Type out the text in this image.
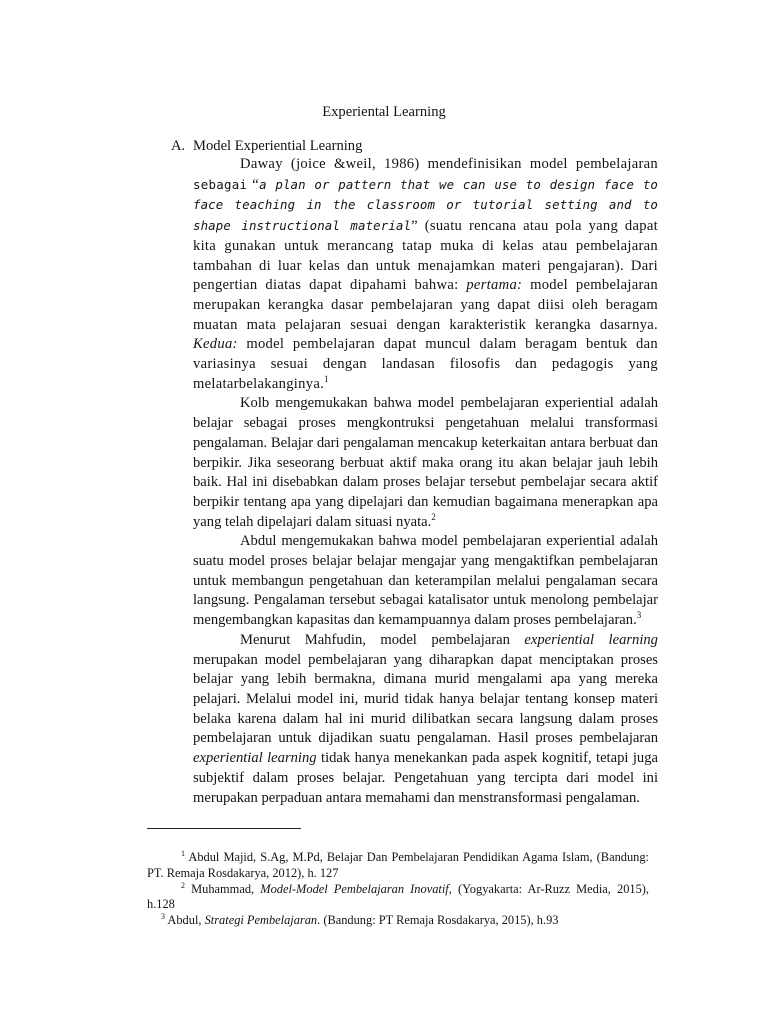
Experiental Learning
A. Model Experiential Learning

Daway (joice &weil, 1986) mendefinisikan model pembelajaran sebagai “a plan or pattern that we can use to design face to face teaching in the classroom or tutorial setting and to shape instructional material” (suatu rencana atau pola yang dapat kita gunakan untuk merancang tatap muka di kelas atau pembelajaran tambahan di luar kelas dan untuk menajamkan materi pengajaran). Dari pengertian diatas dapat dipahami bahwa: pertama: model pembelajaran merupakan kerangka dasar pembelajaran yang dapat diisi oleh beragam muatan mata pelajaran sesuai dengan karakteristik kerangka dasarnya. Kedua: model pembelajaran dapat muncul dalam beragam bentuk dan variasinya sesuai dengan landasan filosofis dan pedagogis yang melatarbelakanginya.$^1$

Kolb mengemukakan bahwa model pembelajaran experiential adalah belajar sebagai proses mengkontruksi pengetahuan melalui transformasi pengalaman. Belajar dari pengalaman mencakup keterkaitan antara berbuat dan berpikir. Jika seseorang berbuat aktif maka orang itu akan belajar jauh lebih baik. Hal ini disebabkan dalam proses belajar tersebut pembelajar secara aktif berpikir tentang apa yang dipelajari dan kemudian bagaimana menerapkan apa yang telah dipelajari dalam situasi nyata.$^2$

Abdul mengemukakan bahwa model pembelajaran experiential adalah suatu model proses belajar belajar mengajar yang mengaktifkan pembelajaran untuk membangun pengetahuan dan keterampilan melalui pengalaman secara langsung. Pengalaman tersebut sebagai katalisator untuk menolong pembelajar mengembangkan kapasitas dan kemampuannya dalam proses pembelajaran.$^3$

Menurut Mahfudin, model pembelajaran experiential learning merupakan model pembelajaran yang diharapkan dapat menciptakan proses belajar yang lebih bermakna, dimana murid mengalami apa yang mereka pelajari. Melalui model ini, murid tidak hanya belajar tentang konsep materi belaka karena dalam hal ini murid dilibatkan secara langsung dalam proses pembelajaran untuk dijadikan suatu pengalaman. Hasil proses pembelajaran experiential learning tidak hanya menekankan pada aspek kognitif, tetapi juga subjektif dalam proses belajar. Pengetahuan yang tercipta dari model ini merupakan perpaduan antara memahami dan menstransformasi pengalaman.

$^1$ Abdul Majid, S.Ag, M.Pd, Belajar Dan Pembelajaran Pendidikan Agama Islam, (Bandung: PT. Remaja Rosdakarya, 2012), h. 127

$^2$ Muhammad, Model-Model Pembelajaran Inovatif, (Yogyakarta: Ar-Ruzz Media, 2015), h.128

$^3$ Abdul, Strategi Pembelajaran. (Bandung: PT Remaja Rosdakarya, 2015), h.93
